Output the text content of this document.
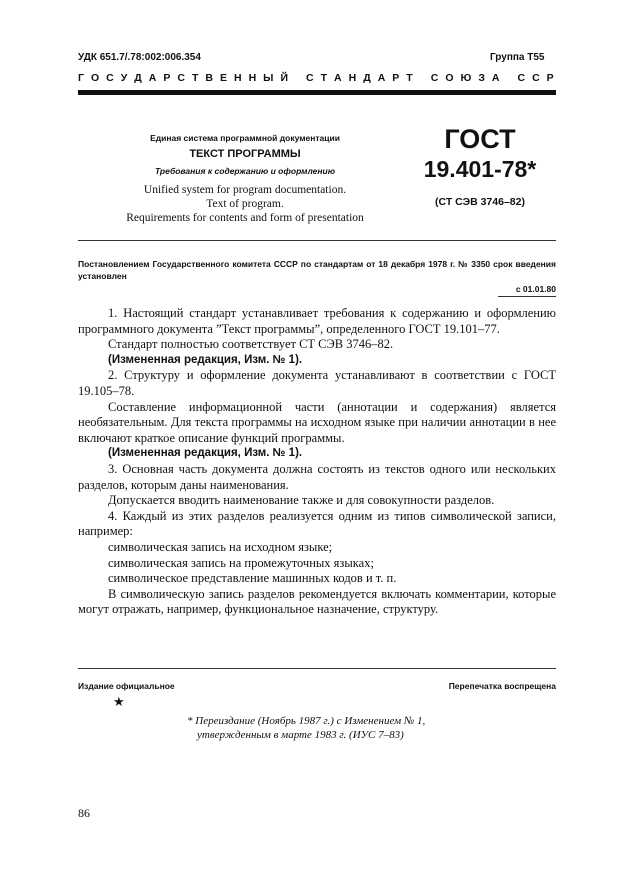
УДК 651.7/.78:002:006.354	Группа Т55
Г О С У Д А Р С Т В Е Н Н Ы Й С Т А Н Д А Р Т С О Ю З А С С Р
Единая система программной документации
ТЕКСТ ПРОГРАММЫ
Требования к содержанию и оформлению
Unified system for program documentation.
Text of program.
Requirements for contents and form of presentation
ГОСТ
19.401-78*
(СТ СЭВ 3746–82)
Постановлением Государственного комитета СССР по стандартам от 18 декабря 1978 г. № 3350 срок введения установлен
с 01.01.80

1. Настоящий стандарт устанавливает требования к содержанию и оформлению программного документа ”Текст программы”, определенного ГОСТ 19.101–77.

Стандарт полностью соответствует СТ СЭВ 3746–82.

(Измененная редакция, Изм. № 1).

2. Структуру и оформление документа устанавливают в соответствии с ГОСТ 19.105–78.

Составление информационной части (аннотации и содержания) является необязательным. Для текста программы на исходном языке при наличии аннотации в нее включают краткое описание функций программы.

(Измененная редакция, Изм. № 1).

3. Основная часть документа должна состоять из текстов одного или нескольких разделов, которым даны наименования.

Допускается вводить наименование также и для совокупности разделов.

4. Каждый из этих разделов реализуется одним из типов символической записи, например:

символическая запись на исходном языке;

символическая запись на промежуточных языках;

символическое представление машинных кодов и т. п.

В символическую запись разделов рекомендуется включать комментарии, которые могут отражать, например, функциональное назначение, структуру.

Издание официальное	Перепечатка воспрещена
★
* Переиздание (Ноябрь 1987 г.) с Изменением № 1,
утвержденным в марте 1983 г. (ИУС 7–83)
86
